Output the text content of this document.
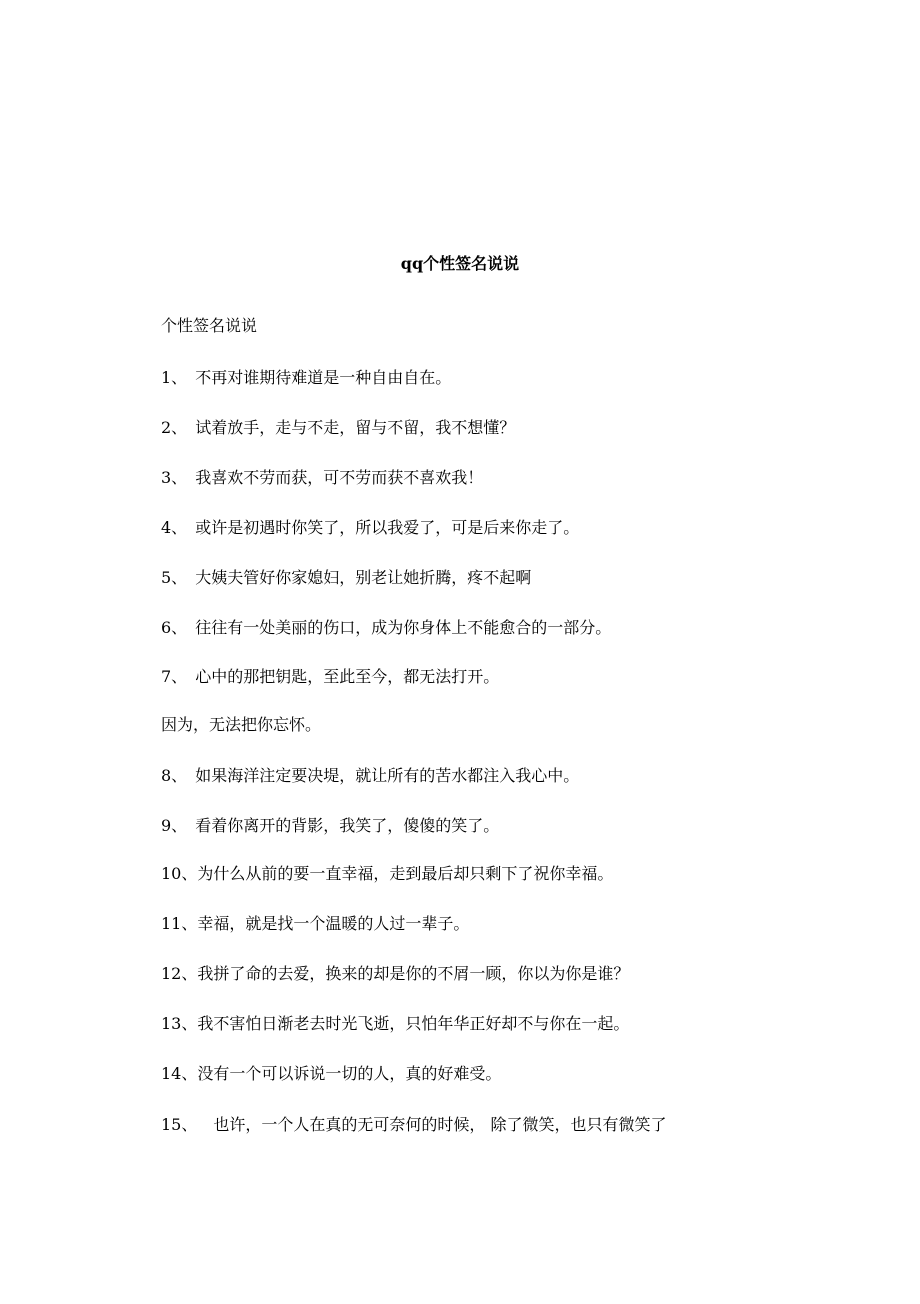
qq个性签名说说
个性签名说说
1、 不再对谁期待难道是一种自由自在。
2、 试着放手，走与不走，留与不留，我不想懂？
3、 我喜欢不劳而获，可不劳而获不喜欢我！
4、 或许是初遇时你笑了，所以我爱了，可是后来你走了。
5、 大姨夫管好你家媳妇，别老让她折腾，疼不起啊
6、 往往有一处美丽的伤口，成为你身体上不能愈合的一部分。
7、 心中的那把钥匙，至此至今，都无法打开。
因为，无法把你忘怀。
8、 如果海洋注定要决堤，就让所有的苦水都注入我心中。
9、 看着你离开的背影，我笑了，傻傻的笑了。
10、为什么从前的要一直幸福，走到最后却只剩下了祝你幸福。
11、幸福，就是找一个温暖的人过一辈子。
12、我拼了命的去爱，换来的却是你的不屑一顾，你以为你是谁？
13、我不害怕日渐老去时光飞逝，只怕年华正好却不与你在一起。
14、没有一个可以诉说一切的人，真的好难受。
15、 也许，一个人在真的无可奈何的时候， 除了微笑，也只有微笑了
